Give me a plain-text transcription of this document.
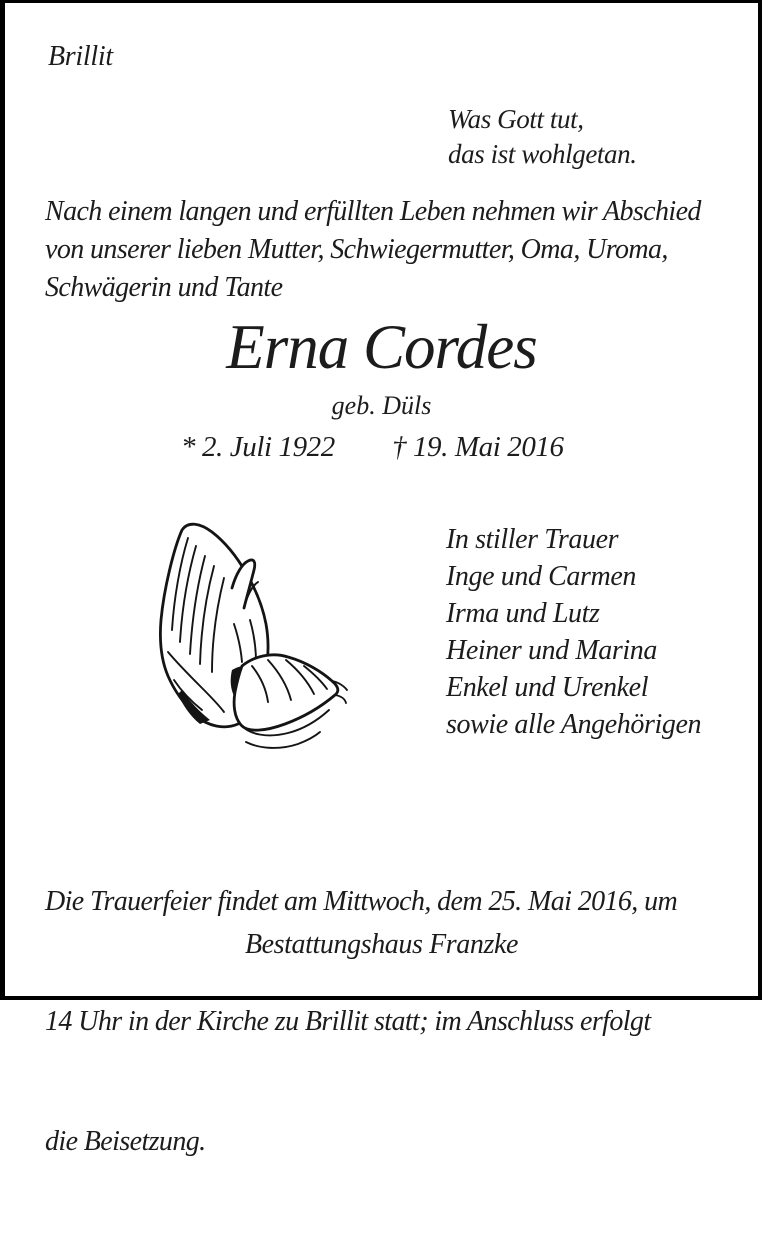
Brillit
Was Gott tut,
das ist wohlgetan.
Nach einem langen und erfüllten Leben nehmen wir Abschied
von unserer lieben Mutter, Schwiegermutter, Oma, Uroma,
Schwägerin und Tante
Erna Cordes
geb. Düls
* 2. Juli 1922 † 19. Mai 2016
In stiller Trauer
Inge und Carmen
Irma und Lutz
Heiner und Marina
Enkel und Urenkel
sowie alle Angehörigen

Die Trauerfeier findet am Mittwoch, dem 25. Mai 2016, um

14 Uhr in der Kirche zu Brillit statt; im Anschluss erfolgt

die Beisetzung.

Bestattungshaus Franzke
